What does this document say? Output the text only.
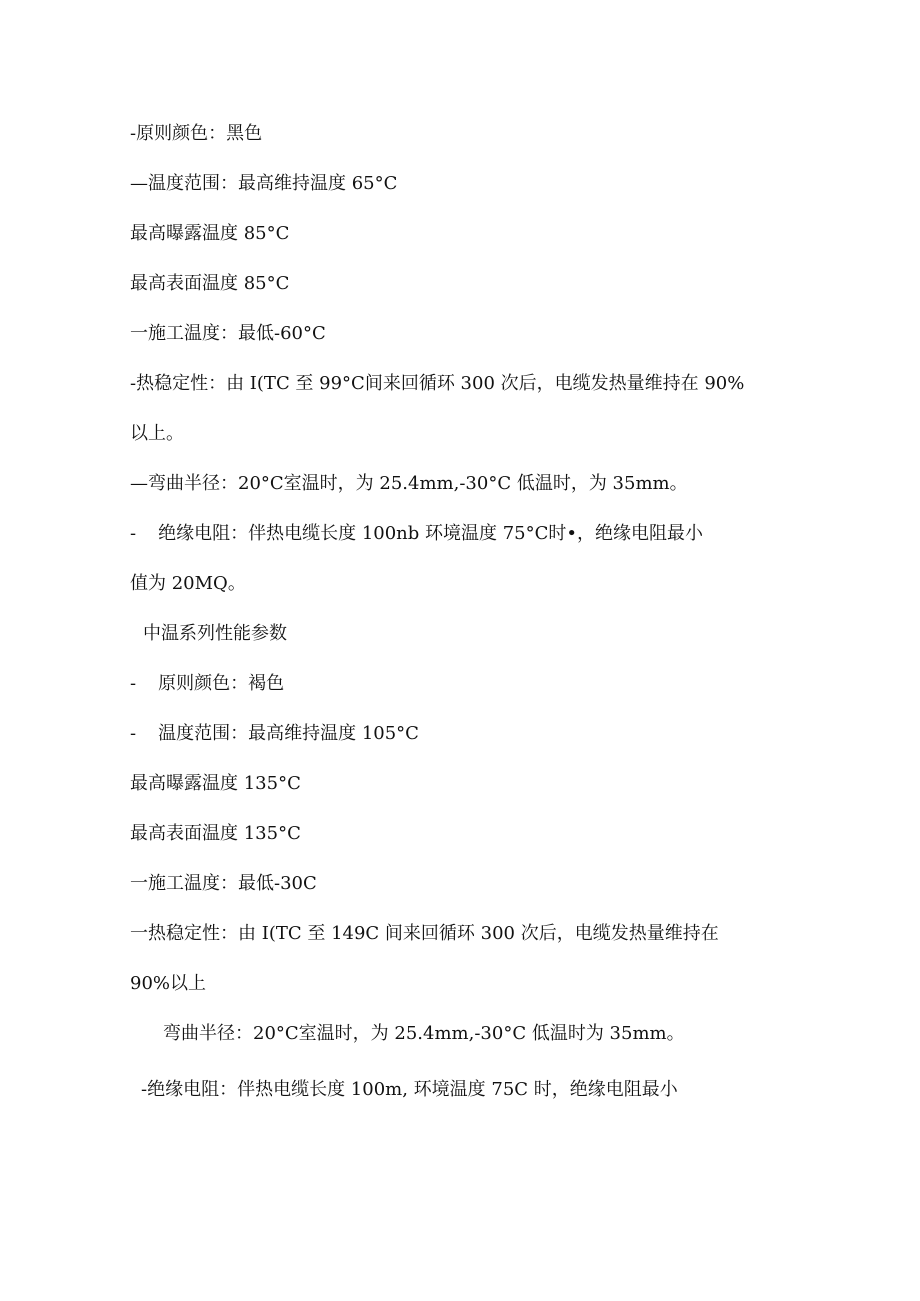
-原则颜色：黑色
—温度范围：最高维持温度 65°C
最高曝露温度 85°C
最高表面温度 85°C
一施工温度：最低-60°C
-热稳定性：由 I(TC 至 99°C间来回循环 300 次后，电缆发热量维持在 90%
以上。
—弯曲半径：20°C室温时，为 25.4mm,-30°C 低温时，为 35mm。
- 绝缘电阻：伴热电缆长度 100nb 环境温度 75°C时•，绝缘电阻最小
值为 20MQ。
中温系列性能参数
- 原则颜色：褐色
- 温度范围：最高维持温度 105°C
最高曝露温度 135°C
最高表面温度 135°C
一施工温度：最低-30C
一热稳定性：由 I(TC 至 149C 间来回循环 300 次后，电缆发热量维持在
90%以上
弯曲半径：20°C室温时，为 25.4mm,-30°C 低温时为 35mm。
-绝缘电阻：伴热电缆长度 100m, 环境温度 75C 时，绝缘电阻最小
